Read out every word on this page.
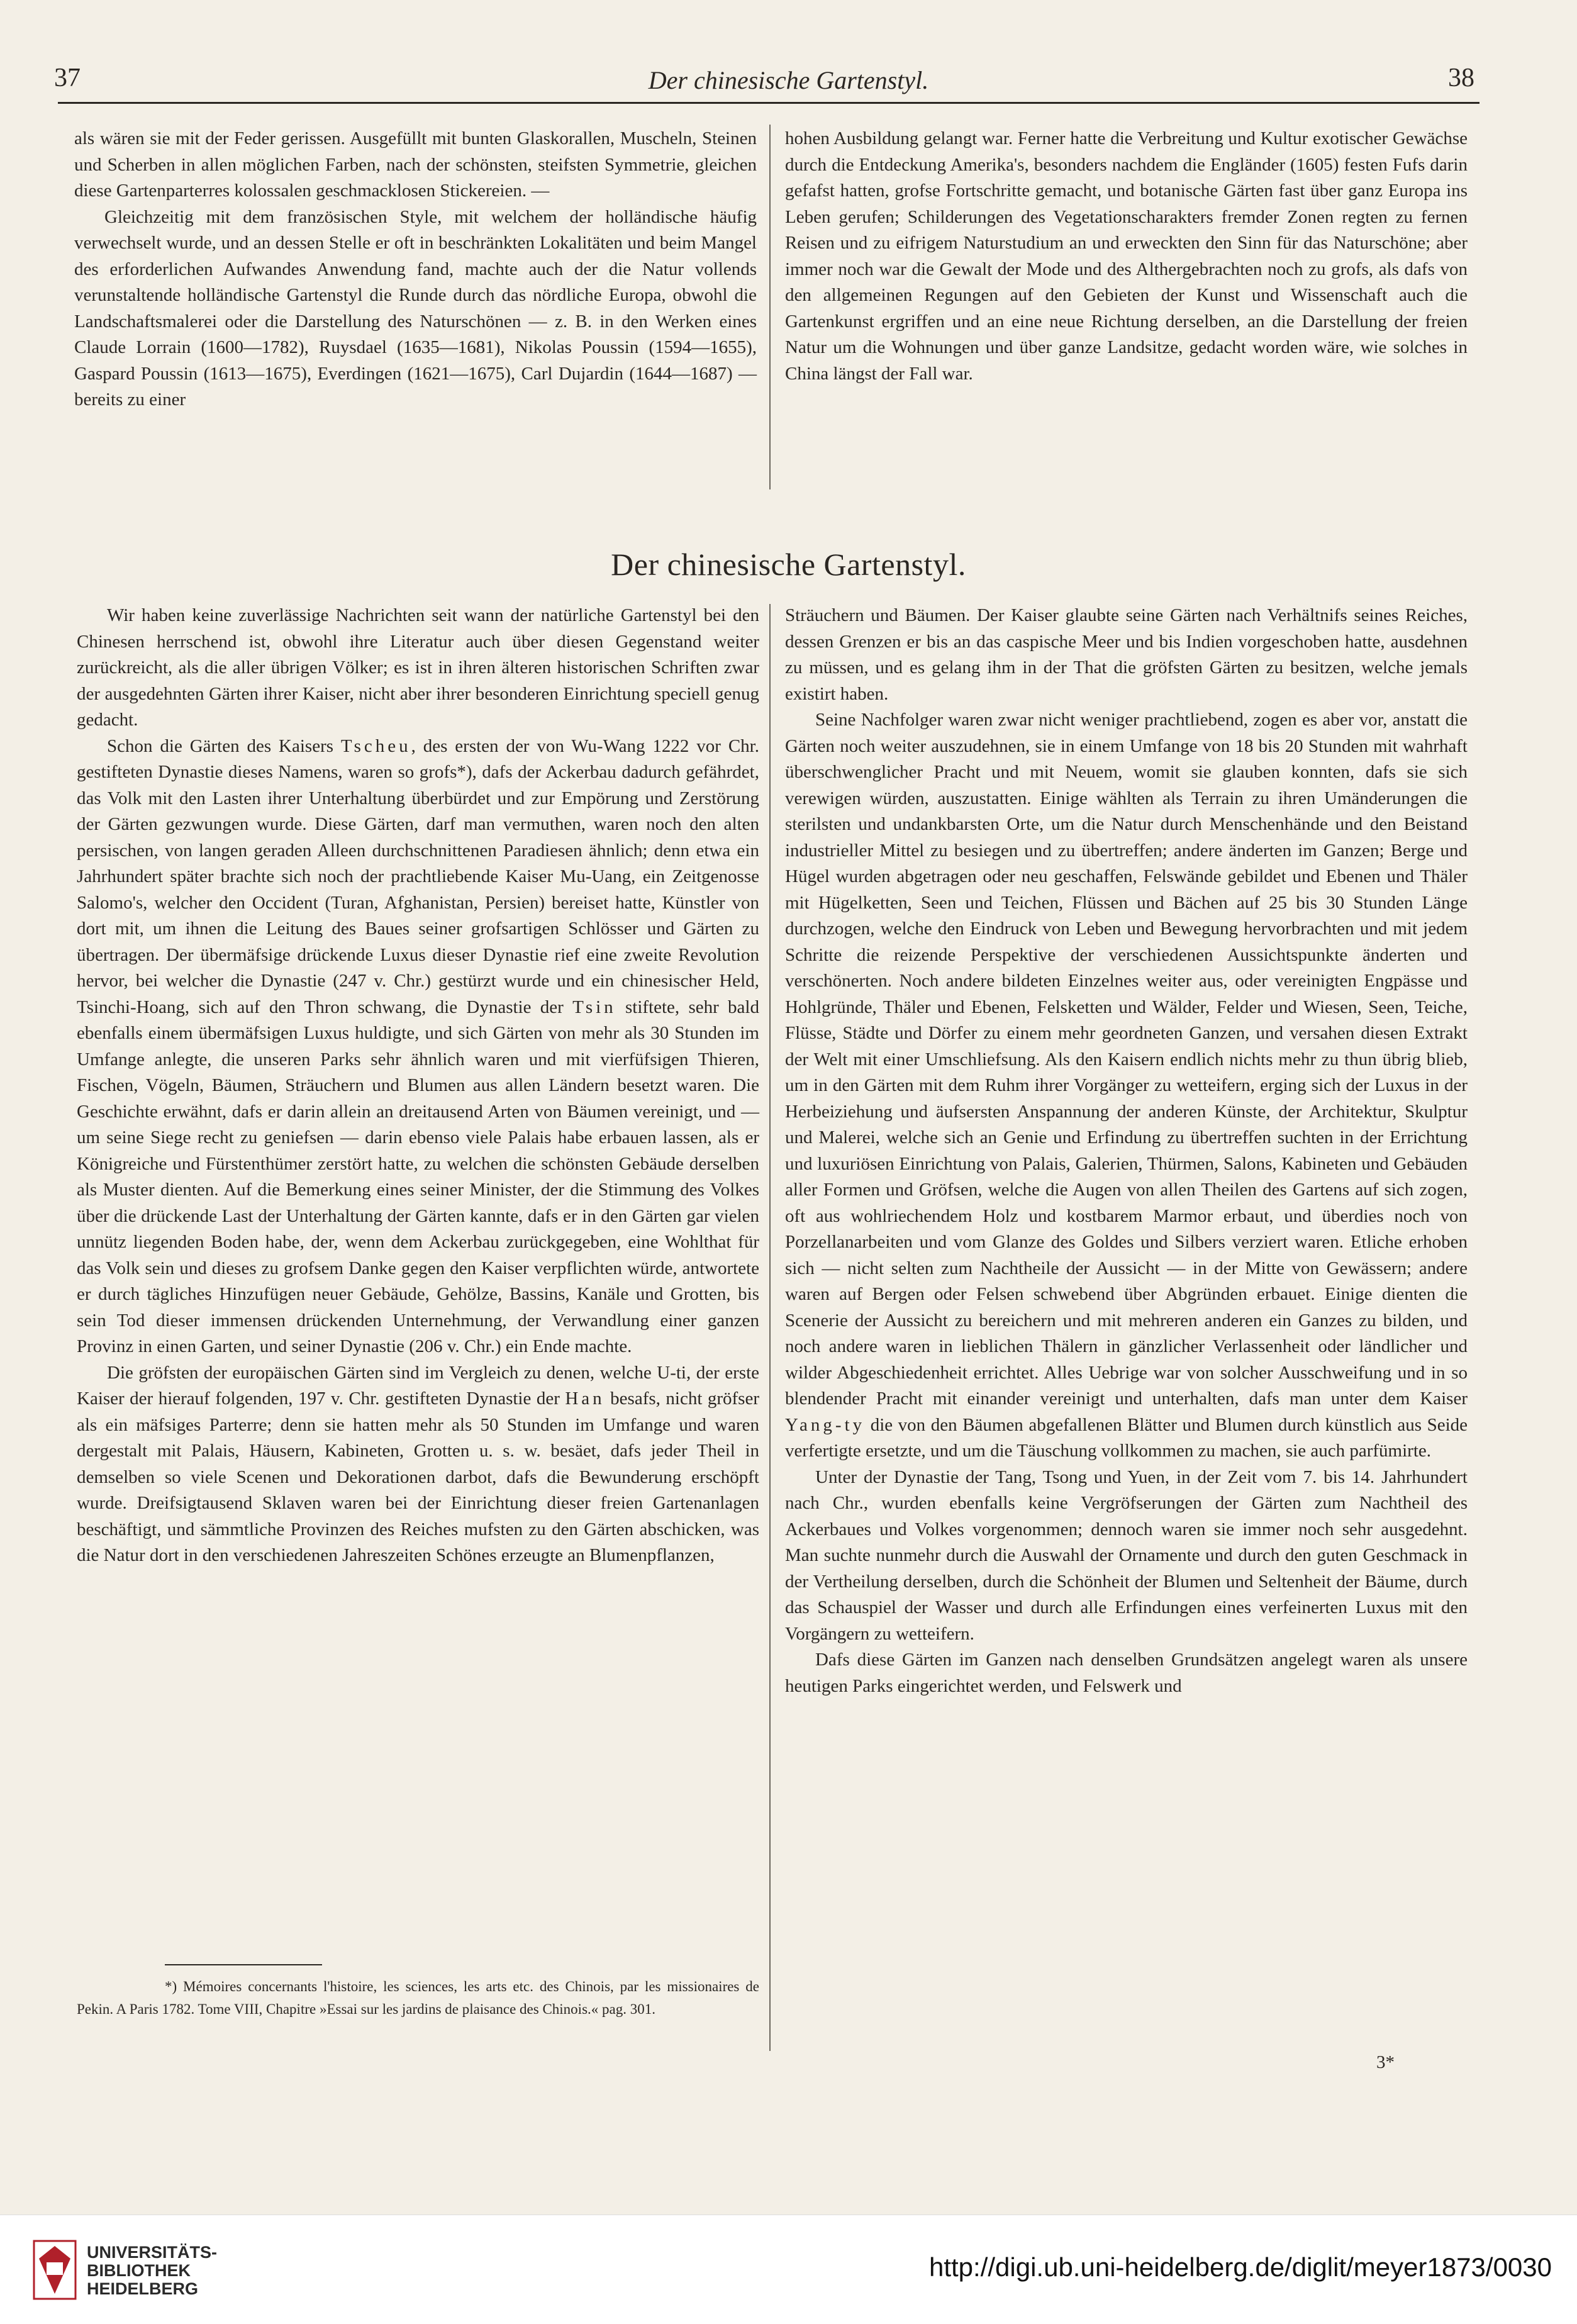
37	Der chinesische Gartenstyl.	38

als wären sie mit der Feder gerissen. Ausgefüllt mit bunten Glaskorallen, Muscheln, Steinen und Scherben in allen möglichen Farben, nach der schönsten, steifsten Symmetrie, gleichen diese Gartenparterres kolossalen geschmacklosen Stickereien. —

Gleichzeitig mit dem französischen Style, mit welchem der holländische häufig verwechselt wurde, und an dessen Stelle er oft in beschränkten Lokalitäten und beim Mangel des erforderlichen Aufwandes Anwendung fand, machte auch der die Natur vollends verunstaltende holländische Gartenstyl die Runde durch das nördliche Europa, obwohl die Landschaftsmalerei oder die Darstellung des Naturschönen — z. B. in den Werken eines Claude Lorrain (1600—1782), Ruysdael (1635—1681), Nikolas Poussin (1594—1655), Gaspard Poussin (1613—1675), Everdingen (1621—1675), Carl Dujardin (1644—1687) — bereits zu einer

hohen Ausbildung gelangt war. Ferner hatte die Verbreitung und Kultur exotischer Gewächse durch die Entdeckung Amerika's, besonders nachdem die Engländer (1605) festen Fufs darin gefafst hatten, grofse Fortschritte gemacht, und botanische Gärten fast über ganz Europa ins Leben gerufen; Schilderungen des Vegetationscharakters fremder Zonen regten zu fernen Reisen und zu eifrigem Naturstudium an und erweckten den Sinn für das Naturschöne; aber immer noch war die Gewalt der Mode und des Althergebrachten noch zu grofs, als dafs von den allgemeinen Regungen auf den Gebieten der Kunst und Wissenschaft auch die Gartenkunst ergriffen und an eine neue Richtung derselben, an die Darstellung der freien Natur um die Wohnungen und über ganze Landsitze, gedacht worden wäre, wie solches in China längst der Fall war.

Der chinesische Gartenstyl.

Wir haben keine zuverlässige Nachrichten seit wann der natürliche Gartenstyl bei den Chinesen herrschend ist, obwohl ihre Literatur auch über diesen Gegenstand weiter zurückreicht, als die aller übrigen Völker; es ist in ihren älteren historischen Schriften zwar der ausgedehnten Gärten ihrer Kaiser, nicht aber ihrer besonderen Einrichtung speciell genug gedacht.

Schon die Gärten des Kaisers Tscheu, des ersten der von Wu-Wang 1222 vor Chr. gestifteten Dynastie dieses Namens, waren so grofs*), dafs der Ackerbau dadurch gefährdet, das Volk mit den Lasten ihrer Unterhaltung überbürdet und zur Empörung und Zerstörung der Gärten gezwungen wurde. Diese Gärten, darf man vermuthen, waren noch den alten persischen, von langen geraden Alleen durchschnittenen Paradiesen ähnlich; denn etwa ein Jahrhundert später brachte sich noch der prachtliebende Kaiser Mu-Uang, ein Zeitgenosse Salomo's, welcher den Occident (Turan, Afghanistan, Persien) bereiset hatte, Künstler von dort mit, um ihnen die Leitung des Baues seiner grofsartigen Schlösser und Gärten zu übertragen. Der übermäfsige drückende Luxus dieser Dynastie rief eine zweite Revolution hervor, bei welcher die Dynastie (247 v. Chr.) gestürzt wurde und ein chinesischer Held, Tsinchi-Hoang, sich auf den Thron schwang, die Dynastie der Tsin stiftete, sehr bald ebenfalls einem übermäfsigen Luxus huldigte, und sich Gärten von mehr als 30 Stunden im Umfange anlegte, die unseren Parks sehr ähnlich waren und mit vierfüfsigen Thieren, Fischen, Vögeln, Bäumen, Sträuchern und Blumen aus allen Ländern besetzt waren. Die Geschichte erwähnt, dafs er darin allein an dreitausend Arten von Bäumen vereinigt, und — um seine Siege recht zu geniefsen — darin ebenso viele Palais habe erbauen lassen, als er Königreiche und Fürstenthümer zerstört hatte, zu welchen die schönsten Gebäude derselben als Muster dienten. Auf die Bemerkung eines seiner Minister, der die Stimmung des Volkes über die drückende Last der Unterhaltung der Gärten kannte, dafs er in den Gärten gar vielen unnütz liegenden Boden habe, der, wenn dem Ackerbau zurückgegeben, eine Wohlthat für das Volk sein und dieses zu grofsem Danke gegen den Kaiser verpflichten würde, antwortete er durch tägliches Hinzufügen neuer Gebäude, Gehölze, Bassins, Kanäle und Grotten, bis sein Tod dieser immensen drückenden Unternehmung, der Verwandlung einer ganzen Provinz in einen Garten, und seiner Dynastie (206 v. Chr.) ein Ende machte.

Die gröfsten der europäischen Gärten sind im Vergleich zu denen, welche U-ti, der erste Kaiser der hierauf folgenden, 197 v. Chr. gestifteten Dynastie der Han besafs, nicht gröfser als ein mäfsiges Parterre; denn sie hatten mehr als 50 Stunden im Umfange und waren dergestalt mit Palais, Häusern, Kabineten, Grotten u. s. w. besäet, dafs jeder Theil in demselben so viele Scenen und Dekorationen darbot, dafs die Bewunderung erschöpft wurde. Dreifsigtausend Sklaven waren bei der Einrichtung dieser freien Gartenanlagen beschäftigt, und sämmtliche Provinzen des Reiches mufsten zu den Gärten abschicken, was die Natur dort in den verschiedenen Jahreszeiten Schönes erzeugte an Blumenpflanzen,

Sträuchern und Bäumen. Der Kaiser glaubte seine Gärten nach Verhältnifs seines Reiches, dessen Grenzen er bis an das caspische Meer und bis Indien vorgeschoben hatte, ausdehnen zu müssen, und es gelang ihm in der That die gröfsten Gärten zu besitzen, welche jemals existirt haben.

Seine Nachfolger waren zwar nicht weniger prachtliebend, zogen es aber vor, anstatt die Gärten noch weiter auszudehnen, sie in einem Umfange von 18 bis 20 Stunden mit wahrhaft überschwenglicher Pracht und mit Neuem, womit sie glauben konnten, dafs sie sich verewigen würden, auszustatten. Einige wählten als Terrain zu ihren Umänderungen die sterilsten und undankbarsten Orte, um die Natur durch Menschenhände und den Beistand industrieller Mittel zu besiegen und zu übertreffen; andere änderten im Ganzen; Berge und Hügel wurden abgetragen oder neu geschaffen, Felswände gebildet und Ebenen und Thäler mit Hügelketten, Seen und Teichen, Flüssen und Bächen auf 25 bis 30 Stunden Länge durchzogen, welche den Eindruck von Leben und Bewegung hervorbrachten und mit jedem Schritte die reizende Perspektive der verschiedenen Aussichtspunkte änderten und verschönerten. Noch andere bildeten Einzelnes weiter aus, oder vereinigten Engpässe und Hohlgründe, Thäler und Ebenen, Felsketten und Wälder, Felder und Wiesen, Seen, Teiche, Flüsse, Städte und Dörfer zu einem mehr geordneten Ganzen, und versahen diesen Extrakt der Welt mit einer Umschliefsung. Als den Kaisern endlich nichts mehr zu thun übrig blieb, um in den Gärten mit dem Ruhm ihrer Vorgänger zu wetteifern, erging sich der Luxus in der Herbeiziehung und äufsersten Anspannung der anderen Künste, der Architektur, Skulptur und Malerei, welche sich an Genie und Erfindung zu übertreffen suchten in der Errichtung und luxuriösen Einrichtung von Palais, Galerien, Thürmen, Salons, Kabineten und Gebäuden aller Formen und Gröfsen, welche die Augen von allen Theilen des Gartens auf sich zogen, oft aus wohlriechendem Holz und kostbarem Marmor erbaut, und überdies noch von Porzellanarbeiten und vom Glanze des Goldes und Silbers verziert waren. Etliche erhoben sich — nicht selten zum Nachtheile der Aussicht — in der Mitte von Gewässern; andere waren auf Bergen oder Felsen schwebend über Abgründen erbauet. Einige dienten die Scenerie der Aussicht zu bereichern und mit mehreren anderen ein Ganzes zu bilden, und noch andere waren in lieblichen Thälern in gänzlicher Verlassenheit oder ländlicher und wilder Abgeschiedenheit errichtet. Alles Uebrige war von solcher Ausschweifung und in so blendender Pracht mit einander vereinigt und unterhalten, dafs man unter dem Kaiser Yang-ty die von den Bäumen abgefallenen Blätter und Blumen durch künstlich aus Seide verfertigte ersetzte, und um die Täuschung vollkommen zu machen, sie auch parfümirte.

Unter der Dynastie der Tang, Tsong und Yuen, in der Zeit vom 7. bis 14. Jahrhundert nach Chr., wurden ebenfalls keine Vergröfserungen der Gärten zum Nachtheil des Ackerbaues und Volkes vorgenommen; dennoch waren sie immer noch sehr ausgedehnt. Man suchte nunmehr durch die Auswahl der Ornamente und durch den guten Geschmack in der Vertheilung derselben, durch die Schönheit der Blumen und Seltenheit der Bäume, durch das Schauspiel der Wasser und durch alle Erfindungen eines verfeinerten Luxus mit den Vorgängern zu wetteifern.

Dafs diese Gärten im Ganzen nach denselben Grundsätzen angelegt waren als unsere heutigen Parks eingerichtet werden, und Felswerk und

*) Mémoires concernants l'histoire, les sciences, les arts etc. des Chinois, par les missionaires de Pekin. A Paris 1782. Tome VIII, Chapitre »Essai sur les jardins de plaisance des Chinois.« pag. 301.

3*
UNIVERSITÄTS-
BIBLIOTHEK
HEIDELBERG
http://digi.ub.uni-heidelberg.de/diglit/meyer1873/0030
